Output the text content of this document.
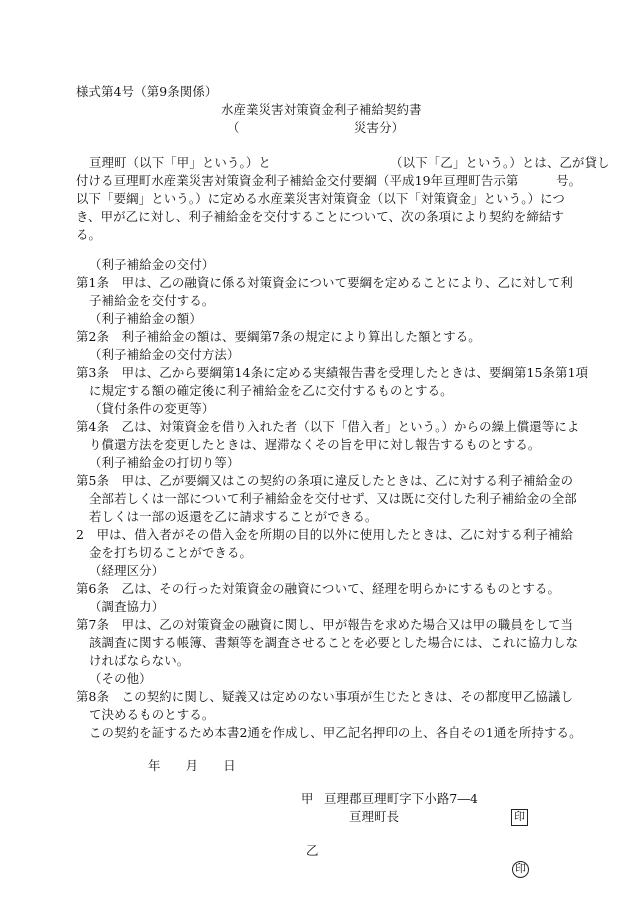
様式第4号（第9条関係）
水産業災害対策資金利子補給契約書
（	災害分）
亘理町（以下「甲」という。）と　　　　　　　　　　（以下「乙」という。）とは、乙が貸し
付ける亘理町水産業災害対策資金利子補給金交付要綱（平成19年亘理町告示第　　　号。
以下「要綱」という。）に定める水産業災害対策資金（以下「対策資金」という。）につ
き、甲が乙に対し、利子補給金を交付することについて、次の条項により契約を締結す
る。
（利子補給金の交付）
第1条　甲は、乙の融資に係る対策資金について要綱を定めることにより、乙に対して利
子補給金を交付する。
（利子補給金の額）
第2条　利子補給金の額は、要綱第7条の規定により算出した額とする。
（利子補給金の交付方法）
第3条　甲は、乙から要綱第14条に定める実績報告書を受理したときは、要綱第15条第1項
に規定する額の確定後に利子補給金を乙に交付するものとする。
（貸付条件の変更等）
第4条　乙は、対策資金を借り入れた者（以下「借入者」という。）からの繰上償還等によ
り償還方法を変更したときは、遅滞なくその旨を甲に対し報告するものとする。
（利子補給金の打切り等）
第5条　甲は、乙が要綱又はこの契約の条項に違反したときは、乙に対する利子補給金の
全部若しくは一部について利子補給金を交付せず、又は既に交付した利子補給金の全部
若しくは一部の返還を乙に請求することができる。
2　甲は、借入者がその借入金を所期の目的以外に使用したときは、乙に対する利子補給
金を打ち切ることができる。
（経理区分）
第6条　乙は、その行った対策資金の融資について、経理を明らかにするものとする。
（調査協力）
第7条　甲は、乙の対策資金の融資に関し、甲が報告を求めた場合又は甲の職員をして当
該調査に関する帳簿、書類等を調査させることを必要とした場合には、これに協力しな
ければならない。
（その他）
第8条　この契約に関し、疑義又は定めのない事項が生じたときは、その都度甲乙協議し
て決めるものとする。
この契約を証するため本書2通を作成し、甲乙記名押印の上、各自その1通を所持する。
年　　月　　日
甲 亘理郡亘理町字下小路7―4
亘理町長	印
乙
印
